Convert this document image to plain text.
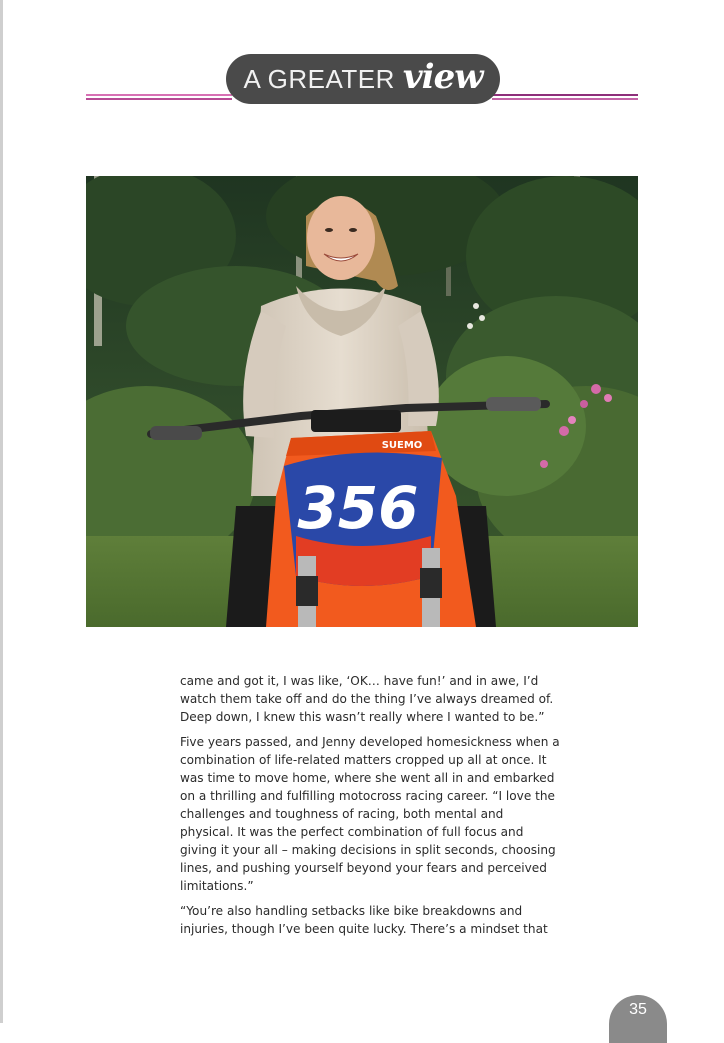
A GREATER view
356
SUEMO

came and got it, I was like, ‘OK… have fun!’ and in awe, I’d watch them take off and do the thing I’ve always dreamed of. Deep down, I knew this wasn’t really where I wanted to be.”

Five years passed, and Jenny developed homesickness when a combination of life-related matters cropped up all at once. It was time to move home, where she went all in and embarked on a thrilling and fulfilling motocross racing career. “I love the challenges and toughness of racing, both mental and physical. It was the perfect combination of full focus and giving it your all – making decisions in split seconds, choosing lines, and pushing yourself beyond your fears and perceived limitations.”

“You’re also handling setbacks like bike breakdowns and injuries, though I’ve been quite lucky. There’s a mindset that

35
